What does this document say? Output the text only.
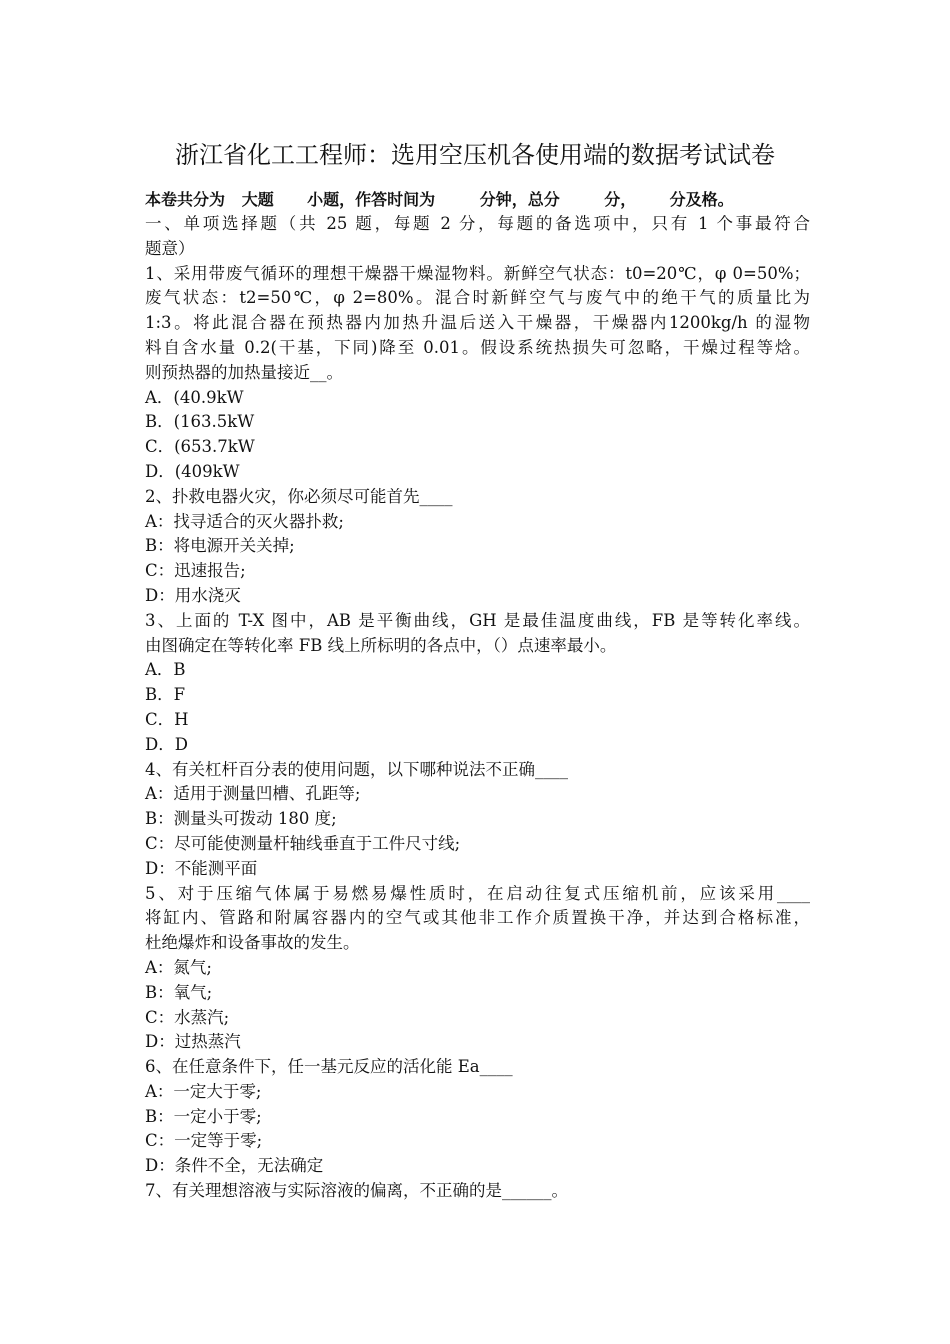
浙江省化工工程师：选用空压机各使用端的数据考试试卷
本卷共分为   大题      小题，作答时间为        分钟，总分        分，      分及格。
一、单项选择题（共 25 题，每题 2 分，每题的备选项中，只有 1 个事最符合
题意）
1、采用带废气循环的理想干燥器干燥湿物料。新鲜空气状态：t0=20℃，φ 0=50%；
废气状态：t2=50℃，φ 2=80%。混合时新鲜空气与废气中的绝干气的质量比为
1:3。将此混合器在预热器内加热升温后送入干燥器，干燥器内1200kg/h 的湿物
料自含水量 0.2(干基，下同)降至 0.01。假设系统热损失可忽略，干燥过程等焓。
则预热器的加热量接近__。
A．(40.9kW
B．(163.5kW
C．(653.7kW
D．(409kW
2、扑救电器火灾，你必须尽可能首先____
A：找寻适合的灭火器扑救;
B：将电源开关关掉;
C：迅速报告;
D：用水浇灭
3、上面的 T-X 图中，AB 是平衡曲线，GH 是最佳温度曲线，FB 是等转化率线。
由图确定在等转化率 FB 线上所标明的各点中，（）点速率最小。
A．B
B．F
C．H
D．D
4、有关杠杆百分表的使用问题，以下哪种说法不正确____
A：适用于测量凹槽、孔距等;
B：测量头可拨动 180 度;
C：尽可能使测量杆轴线垂直于工件尺寸线;
D：不能测平面
5、对于压缩气体属于易燃易爆性质时，在启动往复式压缩机前，应该采用____
将缸内、管路和附属容器内的空气或其他非工作介质置换干净，并达到合格标准，
杜绝爆炸和设备事故的发生。
A：氮气;
B：氧气;
C：水蒸汽;
D：过热蒸汽
6、在任意条件下，任一基元反应的活化能 Ea____
A：一定大于零;
B：一定小于零;
C：一定等于零;
D：条件不全，无法确定
7、有关理想溶液与实际溶液的偏离，不正确的是______。
